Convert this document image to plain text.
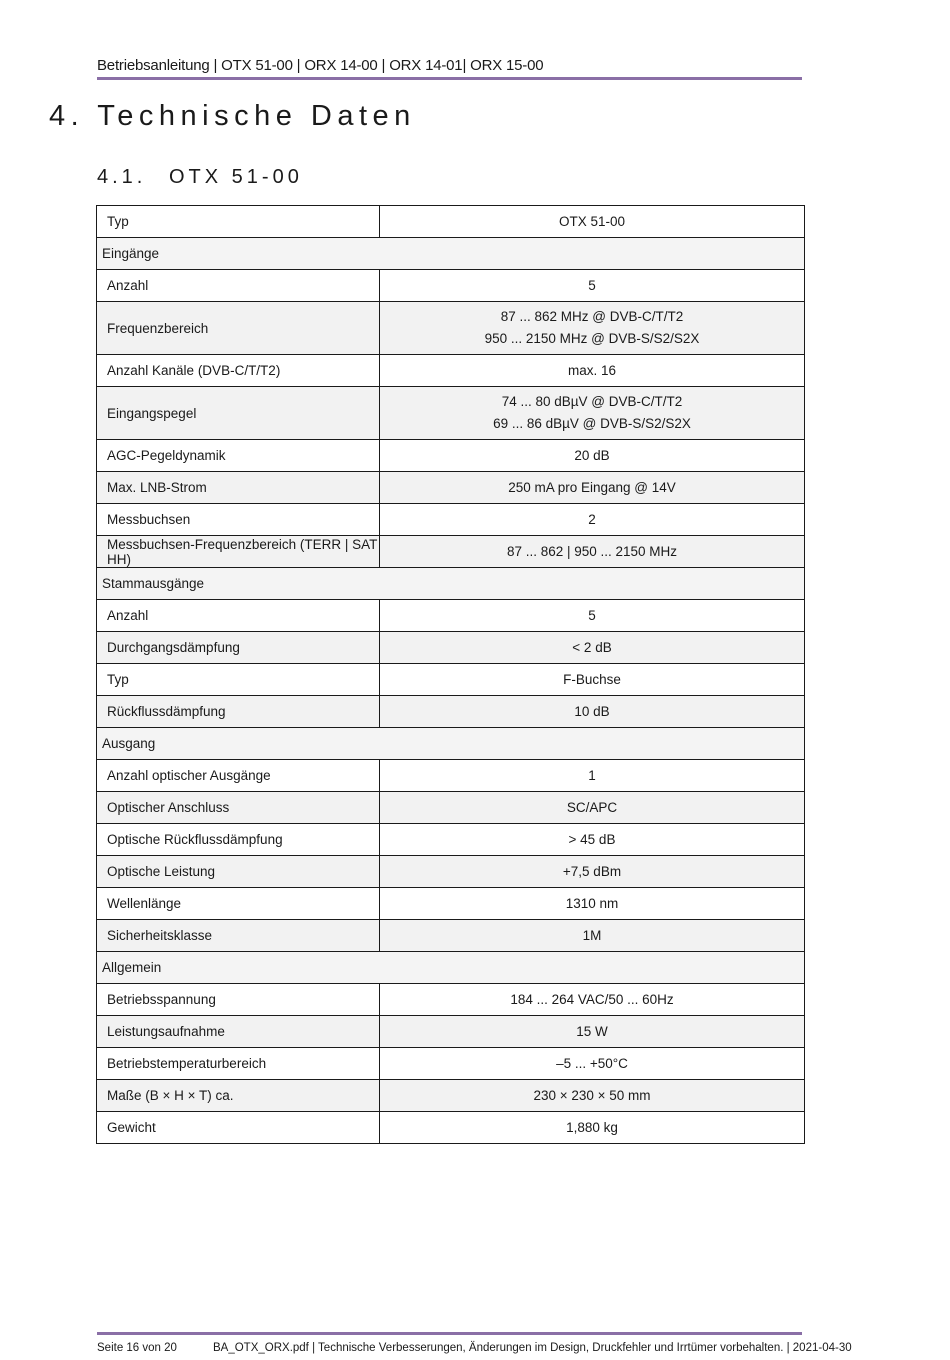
Betriebsanleitung | OTX 51-00 | ORX 14-00 | ORX 14-01| ORX 15-00
4. Technische Daten
4.1. OTX 51-00
Typ	OTX 51-00
Eingänge	
Anzahl	5

Frequenzbereich	87 ... 862 MHz @ DVB-C/T/T2
950 ... 2150 MHz @ DVB-S/S2/S2X

Anzahl Kanäle (DVB-C/T/T2)	max. 16

Eingangspegel	74 ... 80 dBµV @ DVB-C/T/T2
69 ... 86 dBµV @ DVB-S/S2/S2X

AGC-Pegeldynamik	20 dB

Max. LNB-Strom	250 mA pro Eingang @ 14V

Messbuchsen	2

Messbuchsen-Frequenzbereich (TERR | SAT HH)	87 ... 862 | 950 ... 2150 MHz

Stammausgänge	
Anzahl	5

Durchgangsdämpfung	< 2 dB

Typ	F-Buchse

Rückflussdämpfung	10 dB

Ausgang	
Anzahl optischer Ausgänge	1

Optischer Anschluss	SC/APC

Optische Rückflussdämpfung	> 45 dB

Optische Leistung	+7,5 dBm

Wellenlänge	1310 nm

Sicherheitsklasse	1M

Allgemein	
Betriebsspannung	184 ... 264 VAC/50 ... 60Hz

Leistungsaufnahme	15 W

Betriebstemperaturbereich	–5 ... +50°C

Maße (B × H × T) ca.	230 × 230 × 50 mm

Gewicht	1,880 kg
Seite 16 von 20	BA_OTX_ORX.pdf | Technische Verbesserungen, Änderungen im Design, Druckfehler und Irrtümer vorbehalten. | 2021-04-30
